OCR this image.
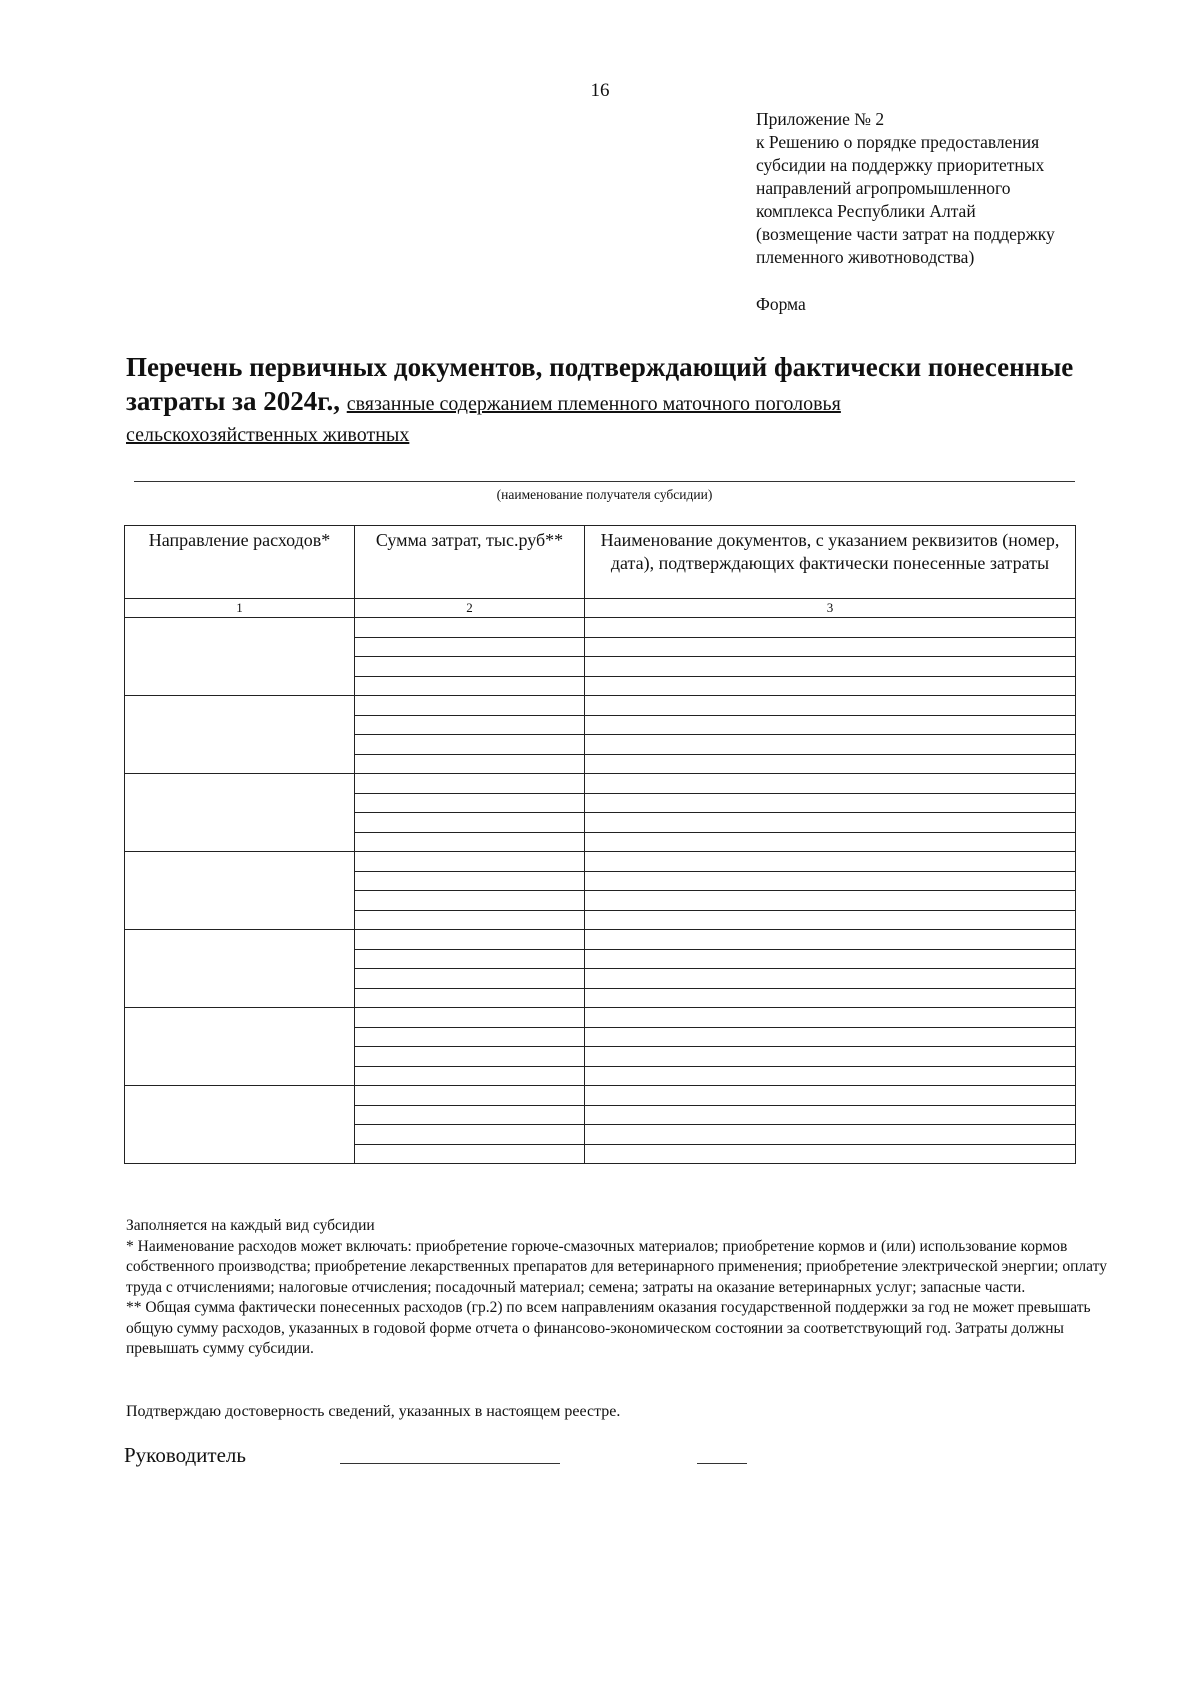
16
Приложение № 2
к Решению о порядке предоставления
субсидии на поддержку приоритетных
направлений агропромышленного
комплекса Республики Алтай
(возмещение части затрат на поддержку
племенного животноводства)
Форма
Перечень первичных документов, подтверждающий фактически понесенные
затраты за 2024г., связанные содержанием племенного маточного поголовья
сельскохозяйственных животных
(наименование получателя субсидии)
Направление расходов*	Сумма затрат, тыс.руб**	Наименование документов, с указанием реквизитов (номер, дата), подтверждающих фактически понесенные затраты
1	2	3

Заполняется на каждый вид субсидии
* Наименование расходов может включать: приобретение горюче-смазочных материалов; приобретение кормов и (или) использование кормов собственного производства; приобретение лекарственных препаратов для ветеринарного применения; приобретение электрической энергии; оплату труда с отчислениями; налоговые отчисления; посадочный материал; семена; затраты на оказание ветеринарных услуг; запасные части.
** Общая сумма фактически понесенных расходов (гр.2) по всем направлениям оказания государственной поддержки за год не может превышать общую сумму расходов, указанных в годовой форме отчета о финансово-экономическом состоянии за соответствующий год. Затраты должны превышать сумму субсидии.
Подтверждаю достоверность сведений, указанных в настоящем реестре.
Руководитель
